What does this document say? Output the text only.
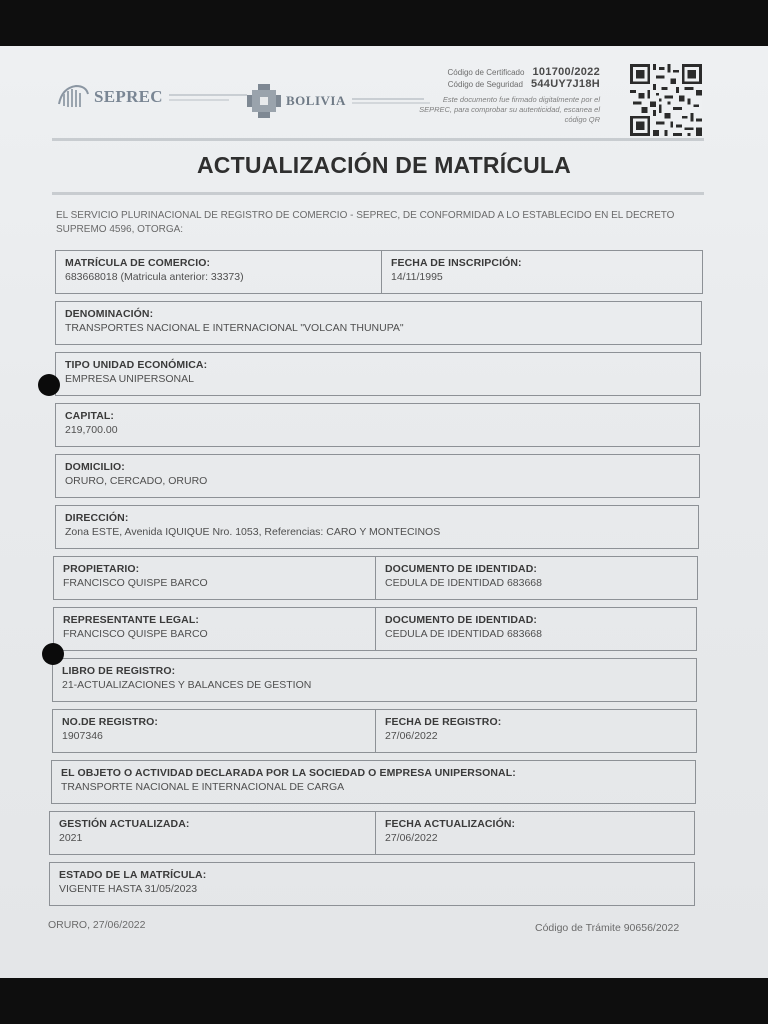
SEPREC	BOLIVIA
Código de Certificado 101700/2022
Código de Seguridad 544UY7J18H
Este documento fue firmado digitalmente por el SEPREC, para comprobar su autenticidad, escanea el código QR
ACTUALIZACIÓN DE MATRÍCULA
EL SERVICIO PLURINACIONAL DE REGISTRO DE COMERCIO - SEPREC, DE CONFORMIDAD A LO ESTABLECIDO EN EL DECRETO SUPREMO 4596, OTORGA:
MATRÍCULA DE COMERCIO:
683668018 (Matricula anterior: 33373)
FECHA DE INSCRIPCIÓN:
14/11/1995
DENOMINACIÓN:
TRANSPORTES NACIONAL E INTERNACIONAL "VOLCAN THUNUPA"
TIPO UNIDAD ECONÓMICA:
EMPRESA UNIPERSONAL
CAPITAL:
219,700.00
DOMICILIO:
ORURO, CERCADO, ORURO
DIRECCIÓN:
Zona ESTE, Avenida IQUIQUE Nro. 1053, Referencias: CARO Y MONTECINOS
PROPIETARIO:
FRANCISCO QUISPE BARCO
DOCUMENTO DE IDENTIDAD:
CEDULA DE IDENTIDAD 683668
REPRESENTANTE LEGAL:
FRANCISCO QUISPE BARCO
DOCUMENTO DE IDENTIDAD:
CEDULA DE IDENTIDAD 683668
LIBRO DE REGISTRO:
21-ACTUALIZACIONES Y BALANCES DE GESTION
NO.DE REGISTRO:
1907346
FECHA DE REGISTRO:
27/06/2022
EL OBJETO O ACTIVIDAD DECLARADA POR LA SOCIEDAD O EMPRESA UNIPERSONAL:
TRANSPORTE NACIONAL E INTERNACIONAL DE CARGA
GESTIÓN ACTUALIZADA:
2021
FECHA ACTUALIZACIÓN:
27/06/2022
ESTADO DE LA MATRÍCULA:
VIGENTE HASTA 31/05/2023
ORURO, 27/06/2022	Código de Trámite 90656/2022
